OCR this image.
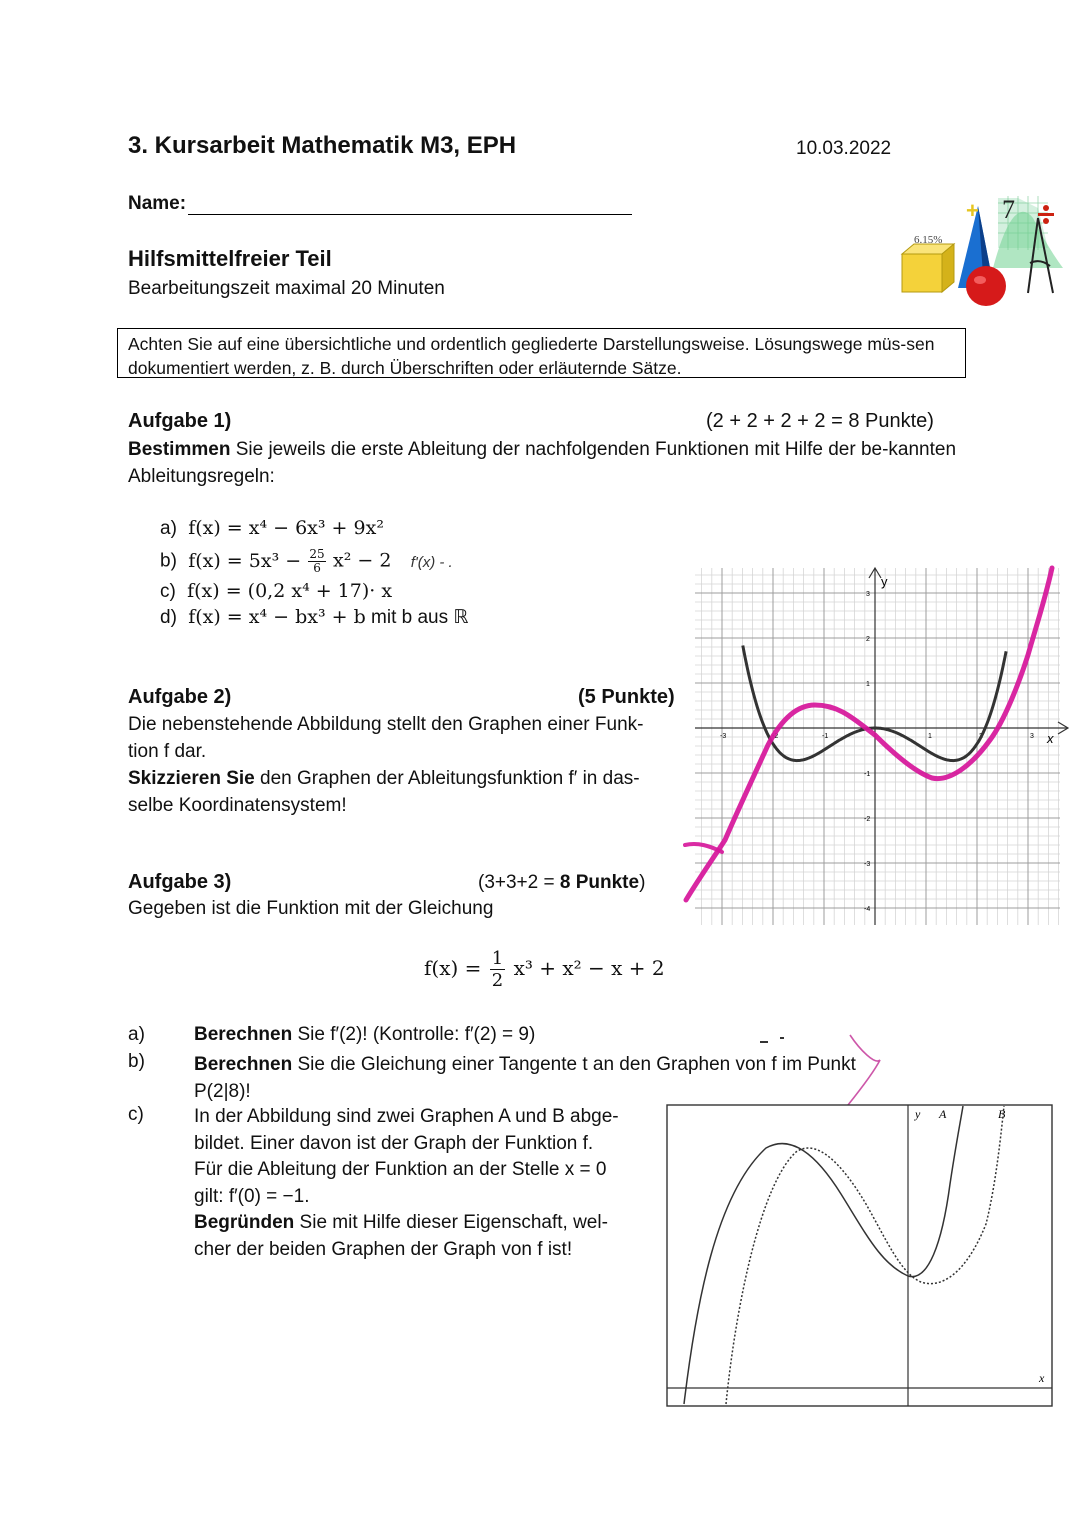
3. Kursarbeit Mathematik M3, EPH	10.03.2022
Name:
6.15%
7
+
Hilfsmittelfreier Teil
Bearbeitungszeit maximal 20 Minuten
Achten Sie auf eine übersichtliche und ordentlich gegliederte Darstellungsweise. Lösungswege müs-sen dokumentiert werden, z. B. durch Überschriften oder erläuternde Sätze.
Aufgabe 1)	(2 + 2 + 2 + 2 = 8 Punkte)
Bestimmen Sie jeweils die erste Ableitung der nachfolgenden Funktionen mit Hilfe der be-kannten Ableitungsregeln:
a) f(x) = x⁴ − 6x³ + 9x²
b) $f(x) = 5x^3 - \frac{25}{6} x^2 - 2$ f'(x) - .
c) f(x) = (0,2 x⁴ + 17)· x
d) f(x) = x⁴ − bx³ + b mit b aus ℝ
Aufgabe 2)	(5 Punkte)
Die nebenstehende Abbildung stellt den Graphen einer Funk-
tion f dar.
Skizzieren Sie den Graphen der Ableitungsfunktion f′ in das-
selbe Koordinatensystem!
x
y
-3	-2	-1	1	2	3
3
2
1
-1
-2
-3
-4
Aufgabe 3)	(3+3+2 = 8 Punkte)
Gegeben ist die Funktion mit der Gleichung
$f(x) = \frac{1}{2} x^3 + x^2 - x + 2$
a)	Berechnen Sie f′(2)! (Kontrolle: f′(2) = 9)
b)	Berechnen Sie die Gleichung einer Tangente t an den Graphen von f im Punkt
P(2|8)!
c)	In der Abbildung sind zwei Graphen A und B abge-
bildet. Einer davon ist der Graph der Funktion f.
Für die Ableitung der Funktion an der Stelle x = 0
gilt: f′(0) = −1.
Begründen Sie mit Hilfe dieser Eigenschaft, wel-
cher der beiden Graphen der Graph von f ist!
y A	B
x
